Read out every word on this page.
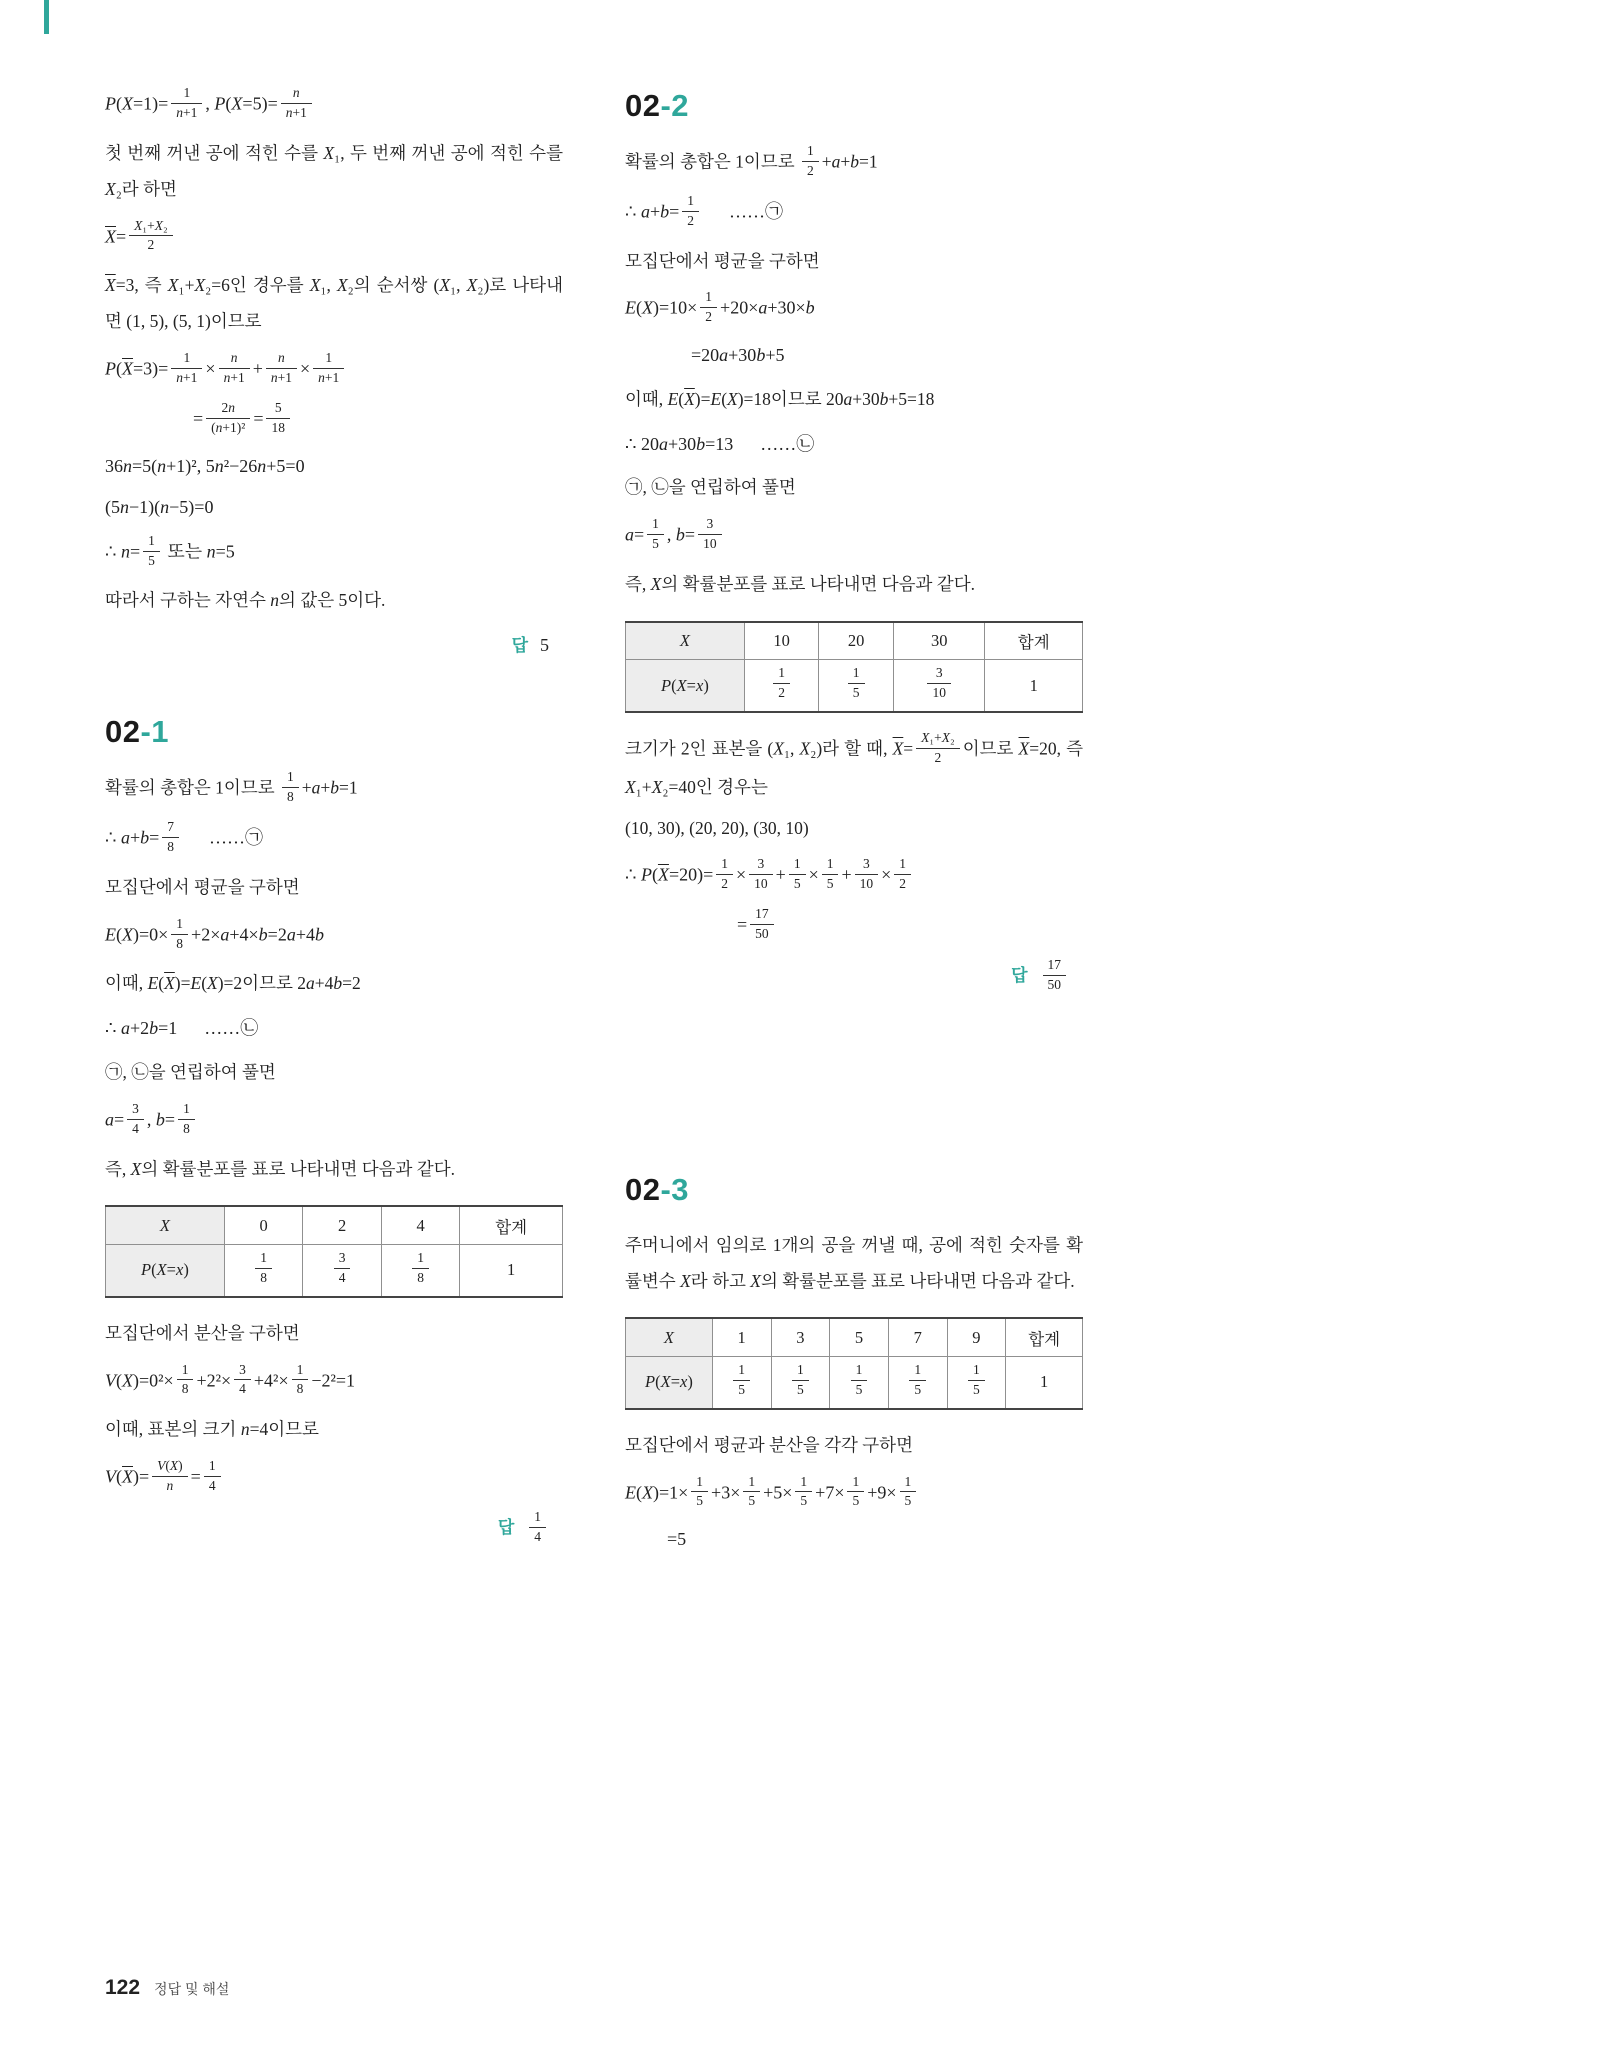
$P(X=1)= \frac{1}{n+1}$ , $P(X=5)= \frac{n}{n+1}$
첫 번째 꺼낸 공에 적힌 수를 X₁, 두 번째 꺼낸 공에 적힌 수를 X₂라 하면
$\overline{X}= \frac{\text{X₁+X₂}}{2}$
$\overline{X}=3$, 즉 X₁+X₂=6인 경우를 X₁, X₂의 순서쌍 (X₁, X₂)로 나타내면 (1, 5), (5, 1)이므로
$P(\overline{X}=3)= \frac{1}{n+1} \times \frac{n}{n+1} + \frac{n}{n+1} \times \frac{1}{n+1}$
= $\frac{2n}{\text{(n+1)²}} = \frac{5}{18}$
36n=5(n+1)², 5n²−26n+5=0
(5n−1)(n−5)=0
∴ $n= \frac{1}{5}$ 또는 n=5
따라서 구하는 자연수 n의 값은 5이다.
답 5
02-1
확률의 총합은 1이므로 $\frac{1}{8} +a+b=1$
∴ $a+b= \frac{7}{8}$   ……㉠
모집단에서 평균을 구하면
$E(X)=0\times \frac{1}{8} +2\times a+4\times b=2a+4b$
이때, $E(\overline{X})=E(X)=2$이므로 2a+4b=2
∴ a+2b=1  ……㉡
㉠, ㉡을 연립하여 풀면
$a= \frac{3}{4}$ , $b= \frac{1}{8}$
즉, X의 확률분포를 표로 나타내면 다음과 같다.
X	0	2	4	합계
P(X=x)	$\frac{1}{8}$	$\frac{3}{4}$	$\frac{1}{8}$	1
모집단에서 분산을 구하면
$V(X)=0^2\times \frac{1}{8} +2^2\times \frac{3}{4} +4^2\times \frac{1}{8} -2^2=1$
이때, 표본의 크기 n=4이므로
$V(\overline{X})= \frac{V(X)}{n} = \frac{1}{4}$
답 $\frac{1}{4}$
02-2
확률의 총합은 1이므로 $\frac{1}{2} +a+b=1$
∴ $a+b= \frac{1}{2}$   ……㉠
모집단에서 평균을 구하면
$E(X)=10\times \frac{1}{2} +20\times a+30\times b$
=20a+30b+5
이때, $E(\overline{X})=E(X)=18$이므로 20a+30b+5=18
∴ 20a+30b=13  ……㉡
㉠, ㉡을 연립하여 풀면
$a= \frac{1}{5}$ , $b= \frac{3}{10}$
즉, X의 확률분포를 표로 나타내면 다음과 같다.
X	10	20	30	합계
P(X=x)	$\frac{1}{2}$	$\frac{1}{5}$	$\frac{3}{10}$	1
크기가 2인 표본을 (X₁, X₂)라 할 때, $\overline{X}= \frac{\text{X₁+X₂}}{2}$ 이므로 $\overline{X}=20$, 즉 X₁+X₂=40인 경우는
(10, 30), (20, 20), (30, 10)
∴ $P(\overline{X}=20)= \frac{1}{2} \times \frac{3}{10} + \frac{1}{5} \times \frac{1}{5} + \frac{3}{10} \times \frac{1}{2}$
= $\frac{17}{50}$
답 $\frac{17}{50}$
02-3
주머니에서 임의로 1개의 공을 꺼낼 때, 공에 적힌 숫자를 확률변수 X라 하고 X의 확률분포를 표로 나타내면 다음과 같다.
X	1	3	5	7	9	합계
P(X=x)	$\frac{1}{5}$	$\frac{1}{5}$	$\frac{1}{5}$	$\frac{1}{5}$	$\frac{1}{5}$	1
모집단에서 평균과 분산을 각각 구하면
$E(X)=1\times \frac{1}{5} +3\times \frac{1}{5} +5\times \frac{1}{5} +7\times \frac{1}{5} +9\times \frac{1}{5}$
=5
122 정답 및 해설
